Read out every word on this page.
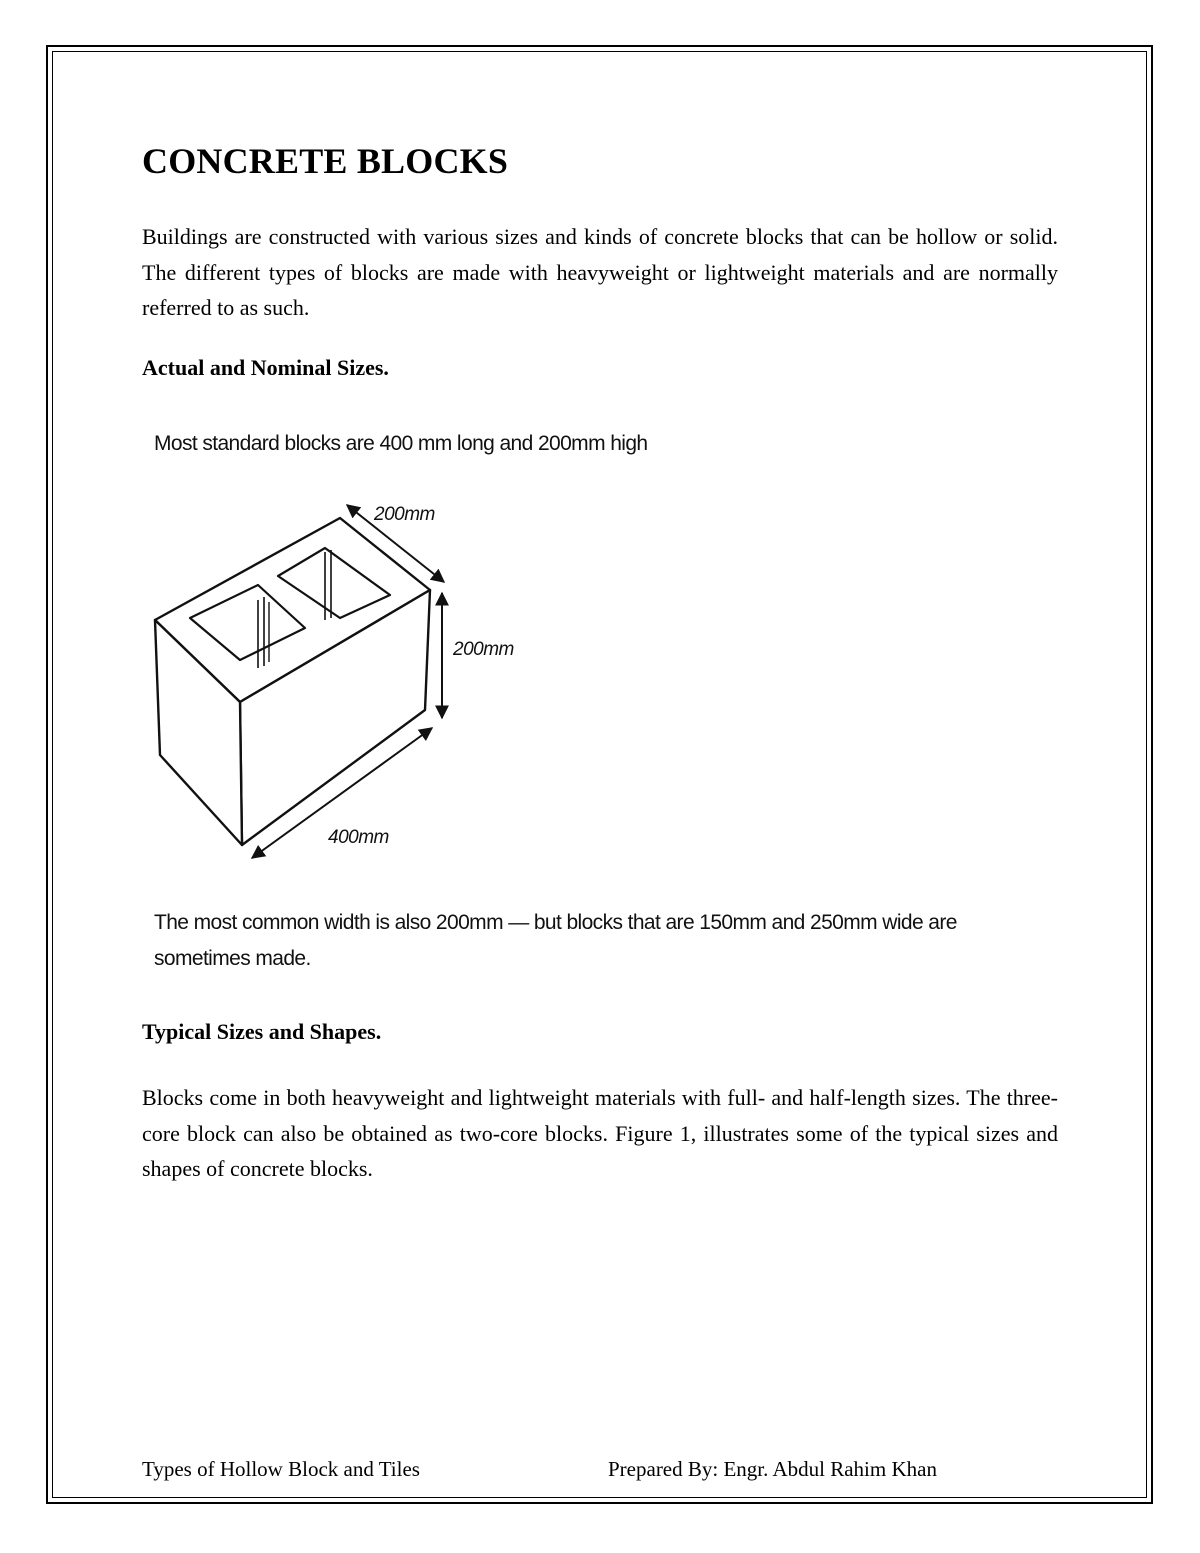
CONCRETE BLOCKS

Buildings are constructed with various sizes and kinds of concrete blocks that can be hollow or solid. The different types of blocks are made with heavyweight or lightweight materials and are normally referred to as such.

Actual and Nominal Sizes.

Most standard blocks are 400 mm long and 200mm high

200mm
200mm
400mm

The most common width is also 200mm — but blocks that are 150mm and 250mm wide are sometimes made.

Typical Sizes and Shapes.

Blocks come in both heavyweight and lightweight materials with full- and half-length sizes. The three-core block can also be obtained as two-core blocks. Figure 1, illustrates some of the typical sizes and shapes of concrete blocks.

Types of Hollow Block and Tiles	Prepared By: Engr. Abdul Rahim Khan
